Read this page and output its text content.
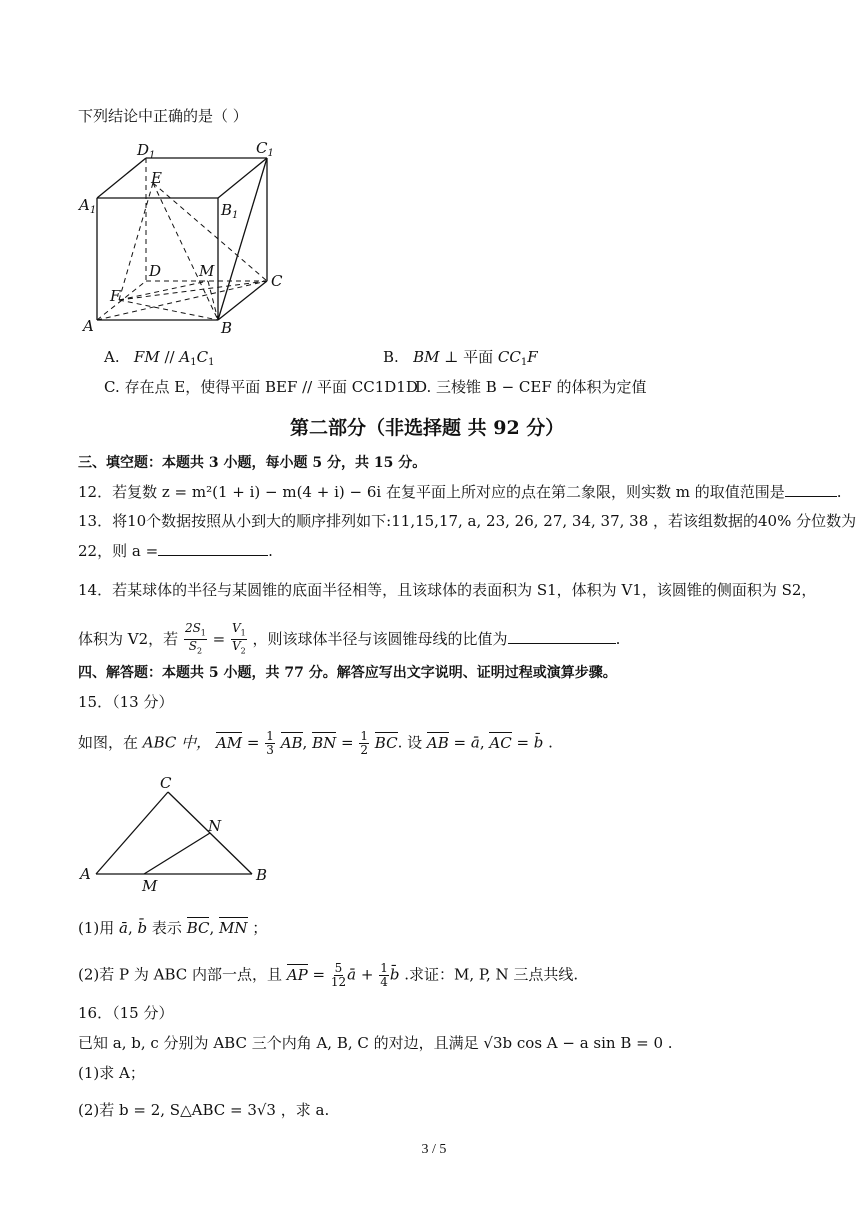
下列结论中正确的是（ ）
$D_1$	$C_1$
$A_1$	$B_1$
E
D	M
C
F
A	B
A. FM // $A_1C_1$	B. BM ⊥ 平面 $CC_1F$
C. 存在点 E，使得平面 BEF // 平面 CC1D1D
D. 三棱锥 B − CEF 的体积为定值
第二部分（非选择题 共 92 分）
三、填空题：本题共 3 小题，每小题 5 分，共 15 分。
12．若复数 z = m²(1 + i) − m(4 + i) − 6i 在复平面上所对应的点在第二象限，则实数 m 的取值范围是	.
13．将10个数据按照从小到大的顺序排列如下:11,15,17, a, 23, 26, 27, 34, 37, 38 ，若该组数据的40% 分位数为
22，则 a =	.
14．若某球体的半径与某圆锥的底面半径相等，且该球体的表面积为 S1，体积为 V1，该圆锥的侧面积为 S2，
体积为 V2，若 $\frac{2S_1}{S_2} = \frac{V_1}{V_2}$ ，则该球体半径与该圆锥母线的比值为	.
四、解答题：本题共 5 小题，共 77 分。解答应写出文字说明、证明过程或演算步骤。
15．（13 分）
如图，在 ABC 中， AM = $\frac{1}{3}$ AB, BN = $\frac{1}{2}$ BC. 设 AB = ā, AC = b̄ .
C
N
A
M
B
(1)用 ā, b̄ 表示 BC, MN ；
(2)若 P 为 ABC 内部一点，且 AP = $\frac{5}{12}$ ā + $\frac{1}{4}$ b̄ .求证：M, P, N 三点共线.
16．（15 分）
已知 a, b, c 分别为 ABC 三个内角 A, B, C 的对边，且满足 √3b cos A − a sin B = 0 .
(1)求 A；
(2)若 b = 2, S△ABC = 3√3 ，求 a.
3 / 5
